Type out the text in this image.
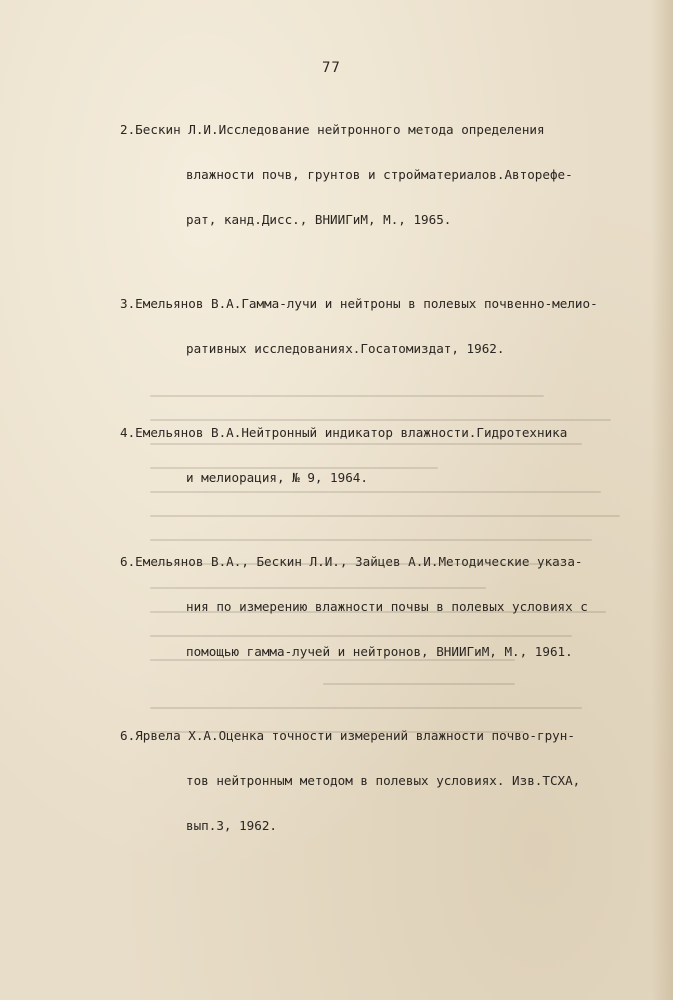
77

2.Бескин Л.И.Исследование нейтронного метода определения

влажности почв, грунтов и стройматериалов.Авторефе-

рат, канд.Дисс., ВНИИГиМ, М., 1965.

3.Емельянов В.А.Гамма-лучи и нейтроны в полевых почвенно-мелио-

ративных исследованиях.Госатомиздат, 1962.

4.Емельянов В.А.Нейтронный индикатор влажности.Гидротехника

и мелиорация, № 9, 1964.

6.Емельянов В.А., Бескин Л.И., Зайцев А.И.Методические указа-

ния по измерению влажности почвы в полевых условиях с

помощью гамма-лучей и нейтронов, ВНИИГиМ, М., 1961.

6.Ярвела Х.А.Оценка точности измерений влажности почво-грун-

тов нейтронным методом в полевых условиях. Изв.ТСХА,

вып.3, 1962.
